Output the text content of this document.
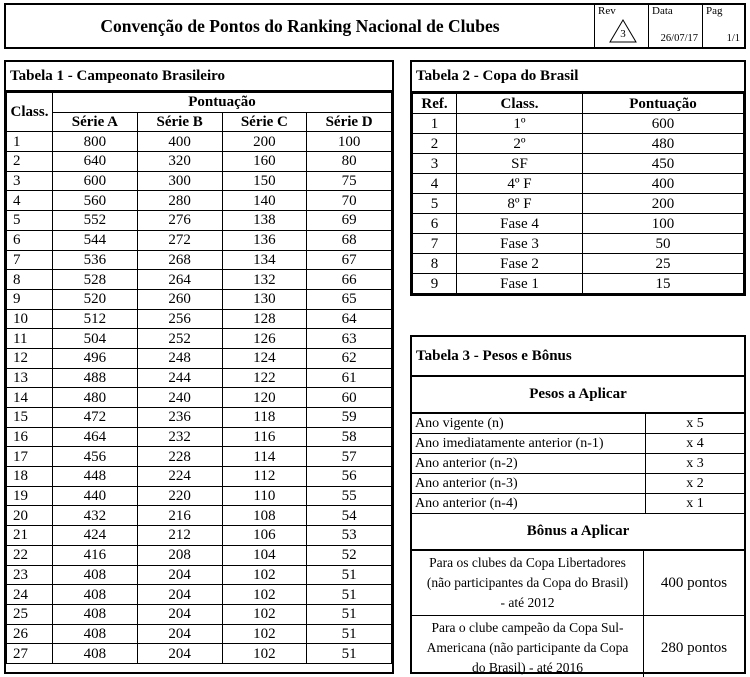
Convenção de Pontos do Ranking Nacional de Clubes
Rev
3
Data
26/07/17
Pag
1/1
Tabela 1 - Campeonato Brasileiro
Class.	Pontuação			
	Série A	Série B	Série C	Série D
1	800	400	200	100
2	640	320	160	80
3	600	300	150	75
4	560	280	140	70
5	552	276	138	69
6	544	272	136	68
7	536	268	134	67
8	528	264	132	66
9	520	260	130	65
10	512	256	128	64
11	504	252	126	63
12	496	248	124	62
13	488	244	122	61
14	480	240	120	60
15	472	236	118	59
16	464	232	116	58
17	456	228	114	57
18	448	224	112	56
19	440	220	110	55
20	432	216	108	54
21	424	212	106	53
22	416	208	104	52
23	408	204	102	51
24	408	204	102	51
25	408	204	102	51
26	408	204	102	51
27	408	204	102	51
Tabela 2 - Copa do Brasil
Ref.	Class.	Pontuação
1	1º	600
2	2º	480
3	SF	450
4	4º F	400
5	8º F	200
6	Fase 4	100
7	Fase 3	50
8	Fase 2	25
9	Fase 1	15
Tabela 3 - Pesos e Bônus
Pesos a Aplicar
Ano vigente (n)	x 5
Ano imediatamente anterior (n-1)	x 4
Ano anterior (n-2)	x 3
Ano anterior (n-3)	x 2
Ano anterior (n-4)	x 1
Bônus a Aplicar
Para os clubes da Copa Libertadores
(não participantes da Copa do Brasil)
- até 2012
400 pontos
Para o clube campeão da Copa Sul-
Americana (não participante da Copa
do Brasil) - até 2016
280 pontos
